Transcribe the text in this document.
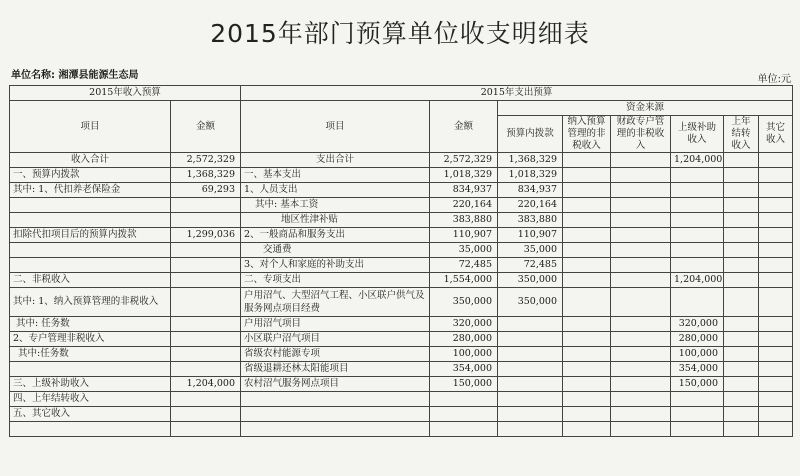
2015年部门预算单位收支明细表
单位名称: 湘潭县能源生态局	单位:元
2015年收入预算		2015年支出预算							
项目	金额	项目	金额	资金来源					
				预算内拨款	纳入预算管理的非税收入	财政专户管理的非税收入	上级补助收入	上年结转收入	其它收入
收入合计	2,572,329	支出合计	2,572,329	1,368,329			1,204,000		
一、预算内拨款	1,368,329	一、基本支出	1,018,329	1,018,329					
其中: 1、代扣养老保险金	69,293	1、人员支出	834,937	834,937					
		其中: 基本工资	220,164	220,164					
		地区性津补贴	383,880	383,880					
扣除代扣项目后的预算内拨款	1,299,036	2、一般商品和服务支出	110,907	110,907					
		交通费	35,000	35,000					
		3、对个人和家庭的补助支出	72,485	72,485					
二、非税收入		二、专项支出	1,554,000	350,000			1,204,000		
其中: 1、纳入预算管理的非税收入		户用沼气、大型沼气工程、小区联户供气及服务网点项目经费	350,000	350,000					
其中: 任务数		户用沼气项目	320,000				320,000		
2、专户管理非税收入		小区联户沼气项目	280,000				280,000		
其中:任务数		省级农村能源专项	100,000				100,000		
		省级退耕还林太阳能项目	354,000				354,000		
三、上级补助收入	1,204,000	农村沼气服务网点项目	150,000				150,000		
四、上年结转收入									
五、其它收入									
